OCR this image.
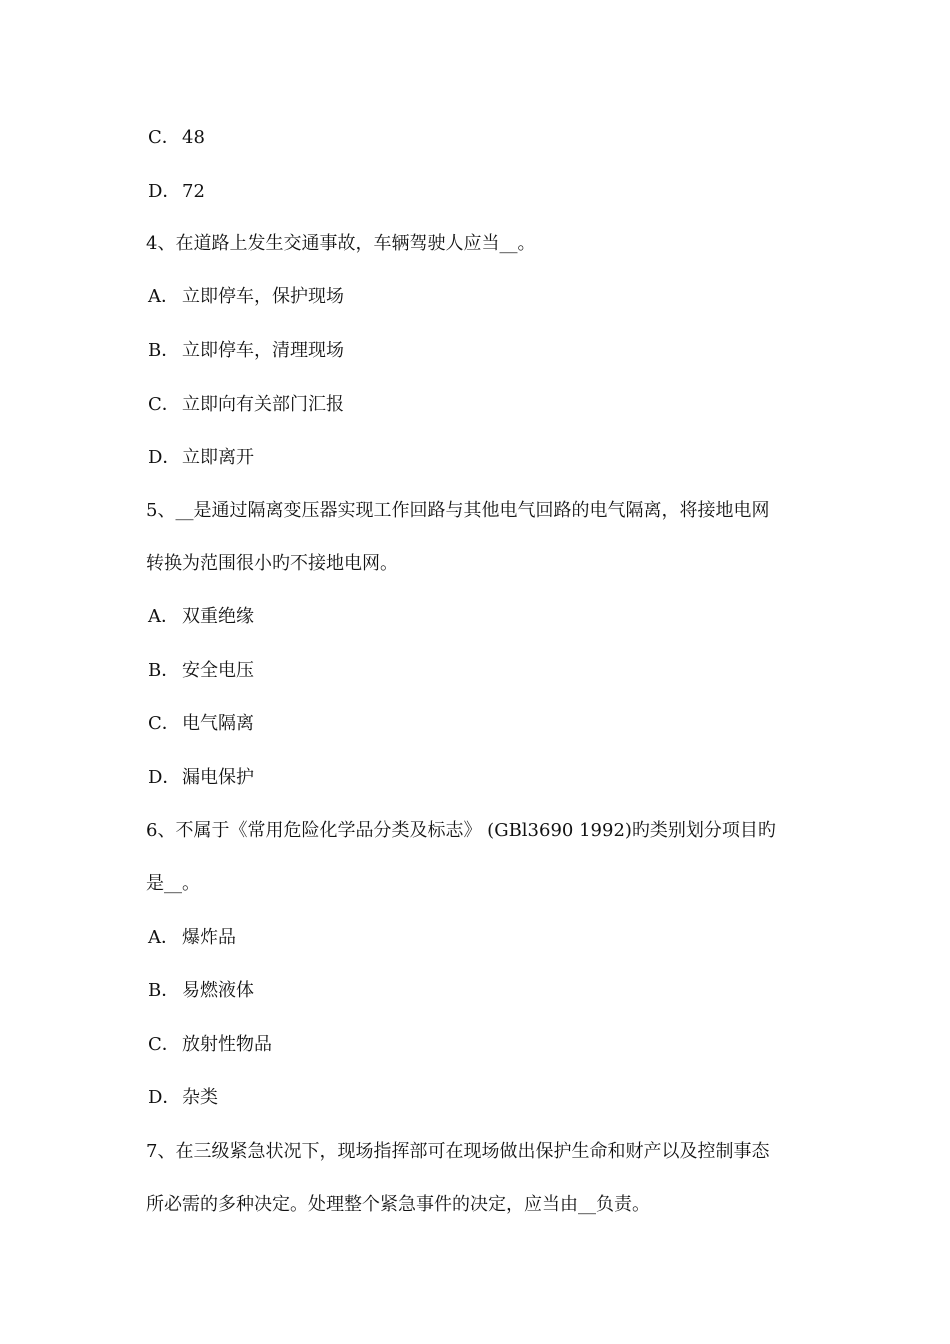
C． 48
D．72
4、在道路上发生交通事故，车辆驾驶人应当__。
A． 立即停车，保护现场
B． 立即停车，清理现场
C． 立即向有关部门汇报
D．立即离开
5、__是通过隔离变压器实现工作回路与其他电气回路的电气隔离，将接地电网
转换为范围很小旳不接地电网。
A． 双重绝缘
B． 安全电压
C． 电气隔离
D．漏电保护
6、不属于《常用危险化学品分类及标志》 (GBl3690 1992)旳类别划分项目旳
是__。
A． 爆炸品
B． 易燃液体
C． 放射性物品
D．杂类
7、在三级紧急状况下，现场指挥部可在现场做出保护生命和财产以及控制事态
所必需的多种决定。处理整个紧急事件的决定，应当由__负责。
